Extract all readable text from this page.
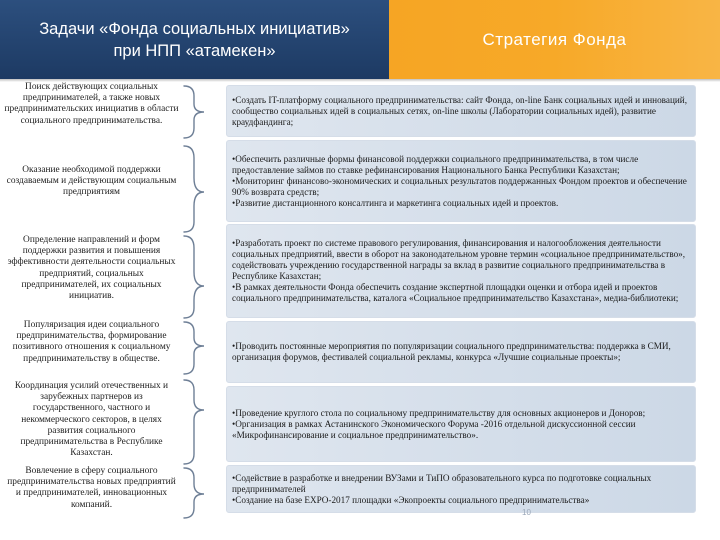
Задачи «Фонда социальных инициатив»
при НПП «атамекен»
Стратегия Фонда
Поиск действующих социальных предпринимателей, а также новых предпринимательских инициатив в области социального предпринимательства.
Оказание необходимой поддержки создаваемым и действующим социальным предприятиям
Определение направлений и форм поддержки развития и повышения эффективности деятельности социальных предприятий, социальных предпринимателей, их социальных инициатив.
Популяризация идеи социального предпринимательства, формирование позитивного отношения к социальному предпринимательству в обществе.
Координация усилий отечественных и зарубежных партнеров из государственного, частного и некоммерческого секторов, в целях развития социального предпринимательства в Республике Казахстан.
Вовлечение в сферу социального предпринимательства новых предприятий и предпринимателей, инновационных компаний.

•Создать IT-платформу социального предпринимательства: сайт Фонда, on-line Банк социальных идей и инноваций, сообщество социальных идей в социальных сетях, on-line школы (Лаборатории социальных идей), развитие краудфандинга;

•Обеспечить различные формы финансовой поддержки социального предпринимательства, в том числе предоставление займов по ставке рефинансирования Национального Банка Республики Казахстан;

•Мониторинг финансово-экономических и социальных результатов поддержанных Фондом проектов и обеспечение 90% возврата средств;

•Развитие дистанционного консалтинга и маркетинга социальных идей и проектов.

•Разработать проект по системе правового регулирования, финансирования и налогообложения деятельности социальных предприятий, ввести в оборот на законодательном уровне термин «социальное предпринимательство», содействовать учреждению государственной награды за вклад в развитие социального предпринимательства в Республике Казахстан;

•В рамках деятельности Фонда обеспечить создание экспертной площадки оценки и отбора идей и проектов социального предпринимательства, каталога «Социальное предпринимательство Казахстана», медиа-библиотеки;

•Проводить постоянные мероприятия по популяризации социального предпринимательства: поддержка в СМИ, организация форумов, фестивалей социальной рекламы, конкурса «Лучшие социальные проекты»;

•Проведение круглого стола по социальному предпринимательству для основных акционеров и Доноров;

•Организация в рамках Астанинского Экономического Форума -2016 отдельной дискуссионной сессии «Микрофинансирование и социальное предпринимательство».

•Содействие в разработке и внедрении ВУЗами и ТиПО образовательного курса по подготовке социальных предпринимателей

•Создание на базе EXPO-2017 площадки «Экопроекты социального предпринимательства»

10
